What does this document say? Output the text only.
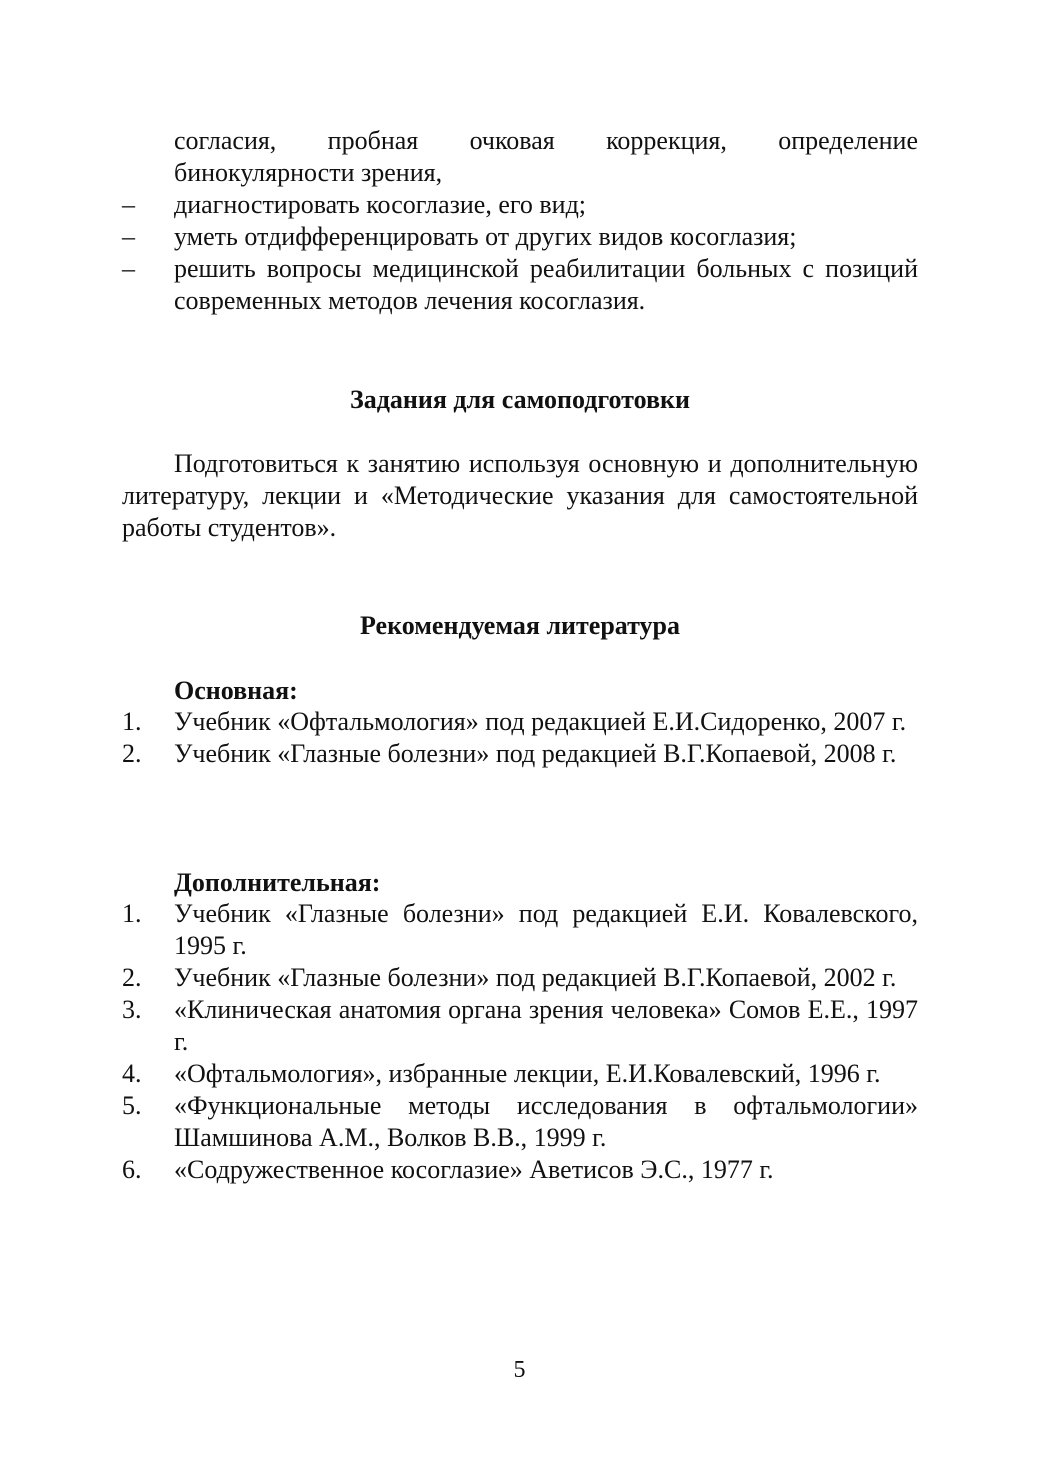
согласия, пробная очковая коррекция, определение бинокулярности зрения,
–	диагностировать косоглазие, его вид;
–	уметь отдифференцировать от других видов косоглазия;
–	решить вопросы медицинской реабилитации больных с позиций современных методов лечения косоглазия.
Задания для самоподготовки
Подготовиться к занятию используя основную и дополнительную литературу, лекции и «Методические указания для самостоятельной работы студентов».
Рекомендуемая литература
Основная:
1.	Учебник «Офтальмология» под редакцией Е.И.Сидоренко, 2007 г.
2.	Учебник «Глазные болезни» под редакцией В.Г.Копаевой, 2008 г.
Дополнительная:
1.	Учебник «Глазные болезни» под редакцией Е.И. Ковалевского, 1995 г.
2.	Учебник «Глазные болезни» под редакцией В.Г.Копаевой, 2002 г.
3.	«Клиническая анатомия органа зрения человека» Сомов Е.Е., 1997 г.
4.	«Офтальмология», избранные лекции, Е.И.Ковалевский, 1996 г.
5.	«Функциональные методы исследования в офтальмологии» Шамшинова А.М., Волков В.В., 1999 г.
6.	«Содружественное косоглазие» Аветисов Э.С., 1977 г.
5
